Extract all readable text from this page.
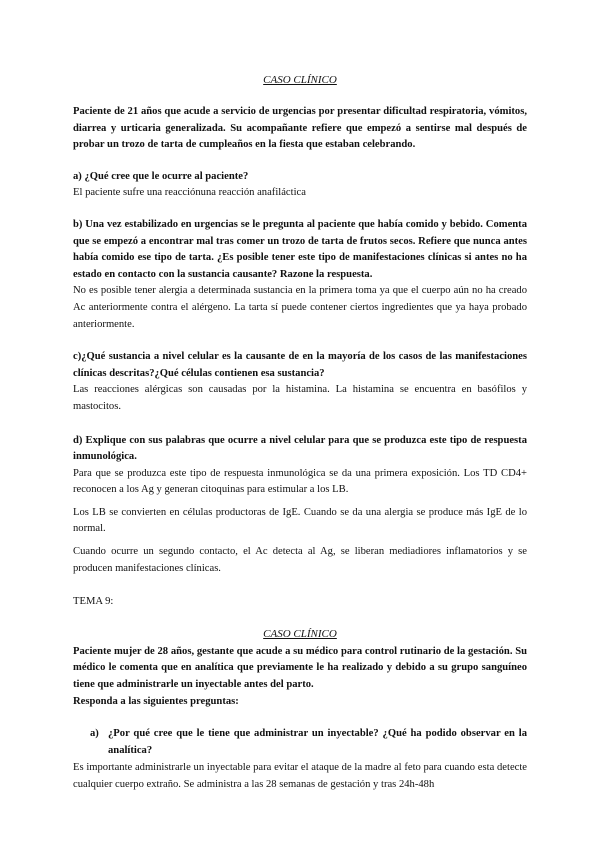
CASO CLÍNICO

Paciente de 21 años que acude a servicio de urgencias por presentar dificultad respiratoria, vómitos, diarrea y urticaria generalizada. Su acompañante refiere que empezó a sentirse mal después de probar un trozo de tarta de cumpleaños en la fiesta que estaban celebrando.

a) ¿Qué cree que le ocurre al paciente?

El paciente sufre una reacciónuna reacción anafiláctica

b) Una vez estabilizado en urgencias se le pregunta al paciente que había comido y bebido. Comenta que se empezó a encontrar mal tras comer un trozo de tarta de frutos secos. Refiere que nunca antes había comido ese tipo de tarta. ¿Es posible tener este tipo de manifestaciones clínicas si antes no ha estado en contacto con la sustancia causante? Razone la respuesta.

No es posible tener alergia a determinada sustancia en la primera toma ya que el cuerpo aún no ha creado Ac anteriormente contra el alérgeno. La tarta sí puede contener ciertos ingredientes que ya haya probado anteriormente.

c)¿Qué sustancia a nivel celular es la causante de en la mayoría de los casos de las manifestaciones clínicas descritas?¿Qué células contienen esa sustancia?

Las reacciones alérgicas son causadas por la histamina. La histamina se encuentra en basófilos y mastocitos.

d) Explique con sus palabras que ocurre a nivel celular para que se produzca este tipo de respuesta inmunológica.

Para que se produzca este tipo de respuesta inmunológica se da una primera exposición. Los TD CD4+ reconocen a los Ag y generan citoquinas para estimular a los LB.

Los LB se convierten en células productoras de IgE. Cuando se da una alergia se produce más IgE de lo normal.

Cuando ocurre un segundo contacto, el Ac detecta al Ag, se liberan mediadiores inflamatorios y se producen manifestaciones clínicas.

TEMA 9:

CASO CLÍNICO

Paciente mujer de 28 años, gestante que acude a su médico para control rutinario de la gestación. Su médico le comenta que en analítica que previamente le ha realizado y debido a su grupo sanguíneo tiene que administrarle un inyectable antes del parto.

Responda a las siguientes preguntas:

a) ¿Por qué cree que le tiene que administrar un inyectable? ¿Qué ha podido observar en la analítica?

Es importante administrarle un inyectable para evitar el ataque de la madre al feto para cuando esta detecte cualquier cuerpo extraño. Se administra a las 28 semanas de gestación y tras 24h-48h
